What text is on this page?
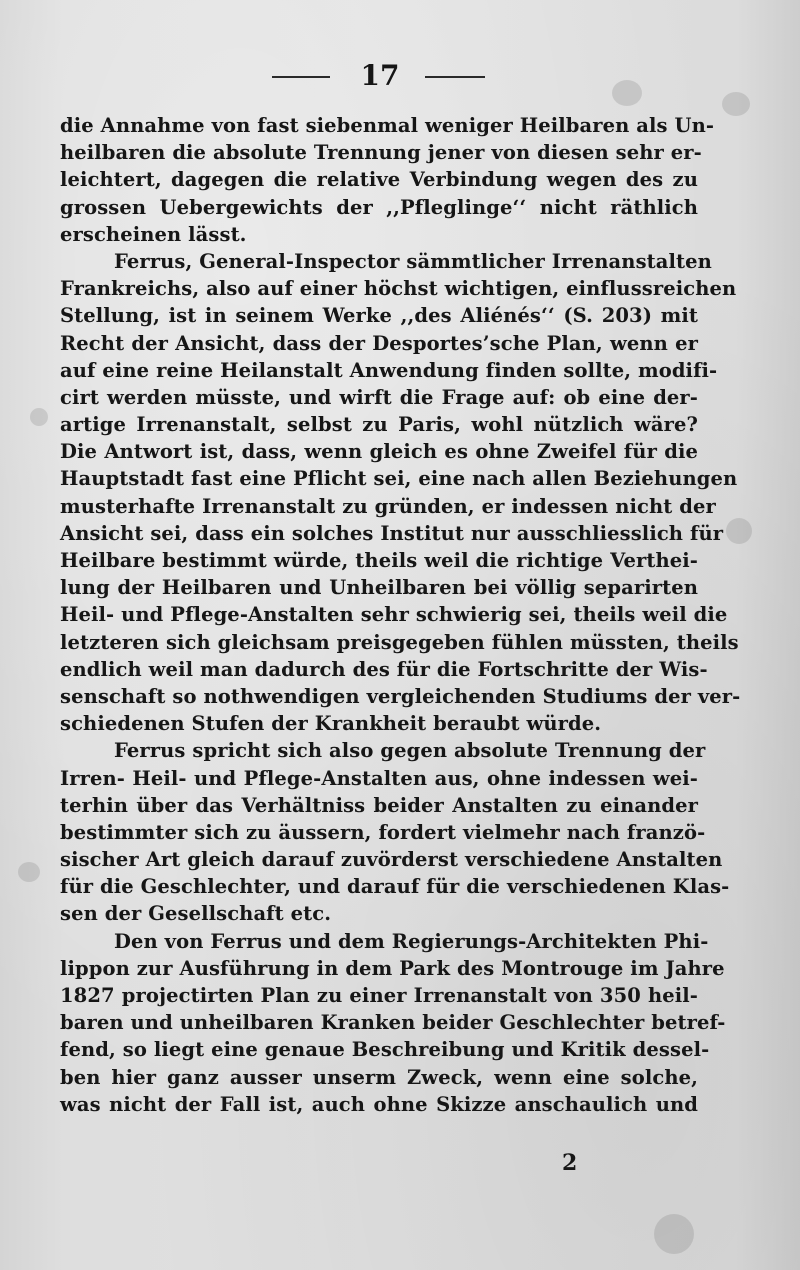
17
die Annahme von fast siebenmal weniger Heilbaren als Un-
heilbaren die absolute Trennung jener von diesen sehr er-
leichtert, dagegen die relative Verbindung wegen des zu
grossen Uebergewichts der ,,Pfleglinge‘‘ nicht räthlich
erscheinen lässt.
Ferrus, General-Inspector sämmtlicher Irrenanstalten
Frankreichs, also auf einer höchst wichtigen, einflussreichen
Stellung, ist in seinem Werke ,,des Aliénés‘‘ (S. 203) mit
Recht der Ansicht, dass der Desportes’sche Plan, wenn er
auf eine reine Heilanstalt Anwendung finden sollte, modifi-
cirt werden müsste, und wirft die Frage auf: ob eine der-
artige Irrenanstalt, selbst zu Paris, wohl nützlich wäre?
Die Antwort ist, dass, wenn gleich es ohne Zweifel für die
Hauptstadt fast eine Pflicht sei, eine nach allen Beziehungen
musterhafte Irrenanstalt zu gründen, er indessen nicht der
Ansicht sei, dass ein solches Institut nur ausschliesslich für
Heilbare bestimmt würde, theils weil die richtige Verthei-
lung der Heilbaren und Unheilbaren bei völlig separirten
Heil- und Pflege-Anstalten sehr schwierig sei, theils weil die
letzteren sich gleichsam preisgegeben fühlen müssten, theils
endlich weil man dadurch des für die Fortschritte der Wis-
senschaft so nothwendigen vergleichenden Studiums der ver-
schiedenen Stufen der Krankheit beraubt würde.
Ferrus spricht sich also gegen absolute Trennung der
Irren- Heil- und Pflege-Anstalten aus, ohne indessen wei-
terhin über das Verhältniss beider Anstalten zu einander
bestimmter sich zu äussern, fordert vielmehr nach franzö-
sischer Art gleich darauf zuvörderst verschiedene Anstalten
für die Geschlechter, und darauf für die verschiedenen Klas-
sen der Gesellschaft etc.
Den von Ferrus und dem Regierungs-Architekten Phi-
lippon zur Ausführung in dem Park des Montrouge im Jahre
1827 projectirten Plan zu einer Irrenanstalt von 350 heil-
baren und unheilbaren Kranken beider Geschlechter betref-
fend, so liegt eine genaue Beschreibung und Kritik dessel-
ben hier ganz ausser unserm Zweck, wenn eine solche,
was nicht der Fall ist, auch ohne Skizze anschaulich und
2
